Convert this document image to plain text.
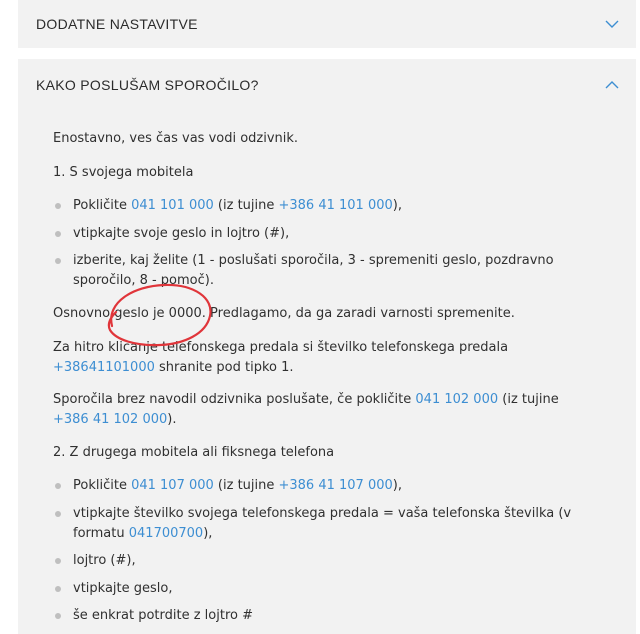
DODATNE NASTAVITVE
KAKO POSLUŠAM SPOROČILO?

Enostavno, ves čas vas vodi odzivnik.

1. S svojega mobitela

Pokličite 041 101 000 (iz tujine +386 41 101 000),
vtipkajte svoje geslo in lojtro (#),
izberite, kaj želite (1 - poslušati sporočila, 3 - spremeniti geslo, pozdravno sporočilo, 8 - pomoč).

Osnovno geslo je 0000. Predlagamo, da ga zaradi varnosti spremenite.

Za hitro klicanje telefonskega predala si številko telefonskega predala +38641101000 shranite pod tipko 1.

Sporočila brez navodil odzivnika poslušate, če pokličite 041 102 000 (iz tujine +386 41 102 000).

2. Z drugega mobitela ali fiksnega telefona

Pokličite 041 107 000 (iz tujine +386 41 107 000),
vtipkajte številko svojega telefonskega predala = vaša telefonska številka (v formatu 041700700),
lojtro (#),
vtipkajte geslo,
še enkrat potrdite z lojtro #
